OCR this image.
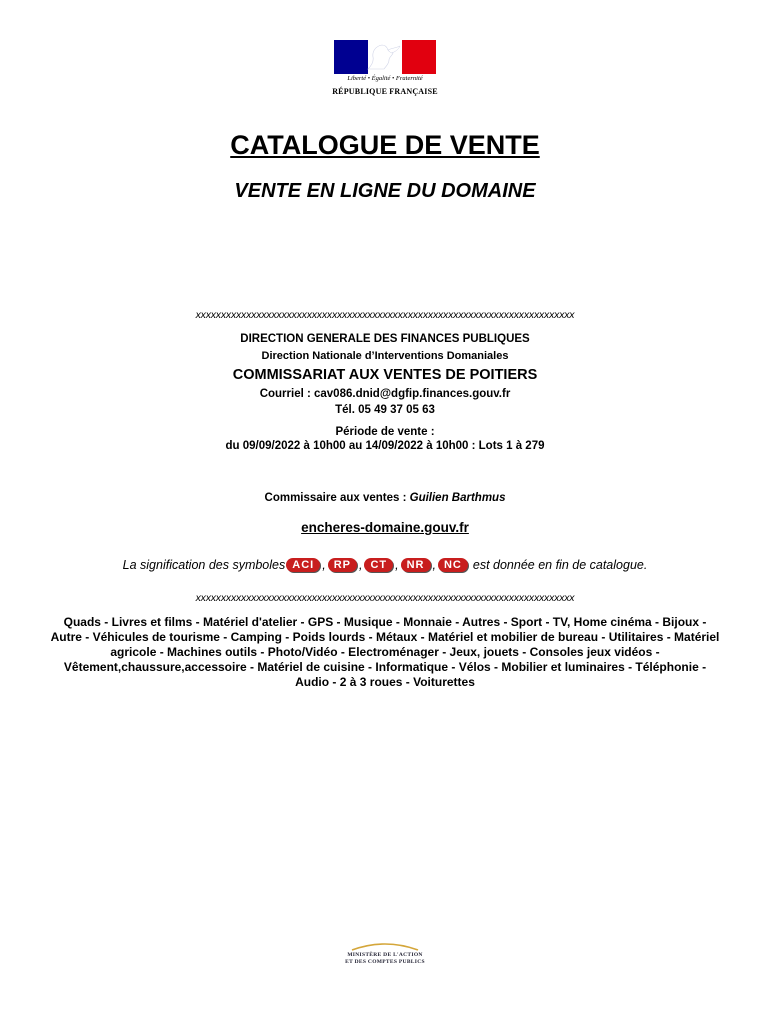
Liberté • Égalité • Fraternité
RÉPUBLIQUE FRANÇAISE
CATALOGUE DE VENTE
VENTE EN LIGNE DU DOMAINE
xxxxxxxxxxxxxxxxxxxxxxxxxxxxxxxxxxxxxxxxxxxxxxxxxxxxxxxxxxxxxxxxxxxxxxxxxxx
DIRECTION GENERALE DES FINANCES PUBLIQUES
Direction Nationale d’Interventions Domaniales
COMMISSARIAT AUX VENTES DE POITIERS
Courriel : cav086.dnid@dgfip.finances.gouv.fr
Tél. 05 49 37 05 63
Période de vente :
du 09/09/2022 à 10h00 au 14/09/2022 à 10h00 : Lots 1 à 279
Commissaire aux ventes : Guilien Barthmus
encheres-domaine.gouv.fr
La signification des symboles ACI , RP , CT , NR , NC est donnée en fin de catalogue.
xxxxxxxxxxxxxxxxxxxxxxxxxxxxxxxxxxxxxxxxxxxxxxxxxxxxxxxxxxxxxxxxxxxxxxxxxxx
Quads - Livres et films - Matériel d'atelier - GPS - Musique - Monnaie - Autres - Sport - TV, Home cinéma - Bijoux - Autre - Véhicules de tourisme - Camping - Poids lourds - Métaux - Matériel et mobilier de bureau - Utilitaires - Matériel agricole - Machines outils - Photo/Vidéo - Electroménager - Jeux, jouets - Consoles jeux vidéos - Vêtement,chaussure,accessoire - Matériel de cuisine - Informatique - Vélos - Mobilier et luminaires - Téléphonie - Audio - 2 à 3 roues - Voiturettes
MINISTÈRE DE L'ACTION
ET DES COMPTES PUBLICS
